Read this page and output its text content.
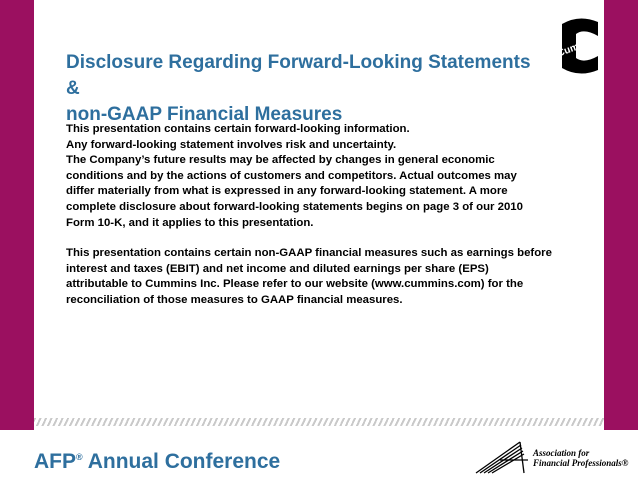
Cummins
Disclosure Regarding Forward-Looking Statements &
non-GAAP Financial Measures

This presentation contains certain forward-looking information.
Any forward-looking statement involves risk and uncertainty.
The Company’s future results may be affected by changes in general economic
conditions and by the actions of customers and competitors. Actual outcomes may
differ materially from what is expressed in any forward-looking statement. A more
complete disclosure about forward-looking statements begins on page 3 of our 2010
Form 10-K, and it applies to this presentation.

This presentation contains certain non-GAAP financial measures such as earnings before
interest and taxes (EBIT) and net income and diluted earnings per share (EPS)
attributable to Cummins Inc. Please refer to our website (www.cummins.com) for the
reconciliation of those measures to GAAP financial measures.

AFP® Annual Conference	Association for
Financial Professionals®
